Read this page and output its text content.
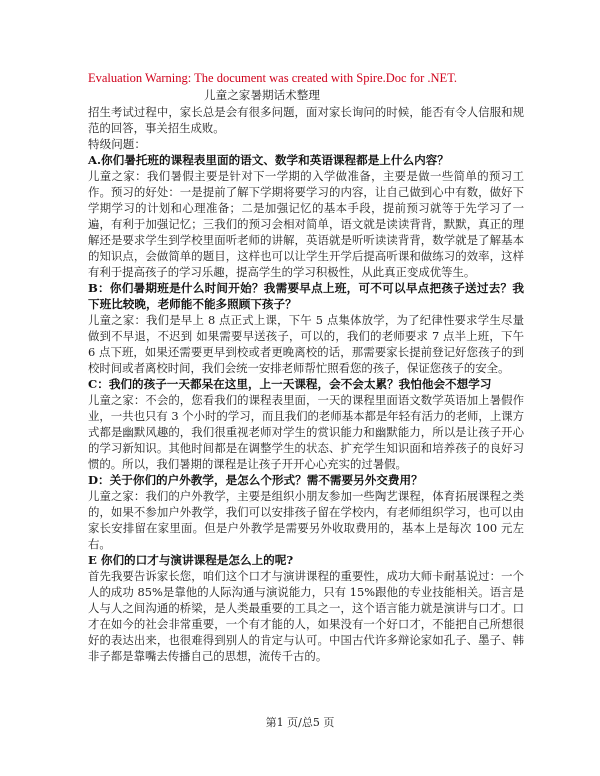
Evaluation Warning: The document was created with Spire.Doc for .NET.
儿童之家暑期话术整理

招生考试过程中，家长总是会有很多问题，面对家长询问的时候，能否有令人信服和规范的回答，事关招生成败。

特级问题：

A.你们暑托班的课程表里面的语文、数学和英语课程都是上什么内容？

儿童之家：我们暑假主要是针对下一学期的入学做准备，主要是做一些简单的预习工作。预习的好处：一是提前了解下学期将要学习的内容，让自己做到心中有数，做好下学期学习的计划和心理准备；二是加强记忆的基本手段，提前预习就等于先学习了一遍，有利于加强记忆；三我们的预习会相对简单，语文就是读读背背，默默，真正的理解还是要求学生到学校里面听老师的讲解，英语就是听听读读背背，数学就是了解基本的知识点，会做简单的题目，这样也可以让学生开学后提高听课和做练习的效率，这样有利于提高孩子的学习乐趣，提高学生的学习积极性，从此真正变成优等生。

B：你们暑期班是什么时间开始？我需要早点上班，可不可以早点把孩子送过去？我下班比较晚，老师能不能多照顾下孩子？

儿童之家：我们是早上 8 点正式上课，下午 5 点集体放学，为了纪律性要求学生尽量做到不早退，不迟到 如果需要早送孩子，可以的，我们的老师要求 7 点半上班，下午 6 点下班，如果还需要更早到校或者更晚离校的话，那需要家长提前登记好您孩子的到校时间或者离校时间，我们会统一安排老师帮忙照看您的孩子，保证您孩子的安全。

C：我们的孩子一天都呆在这里，上一天课程，会不会太累？我怕他会不想学习

儿童之家：不会的，您看我们的课程表里面，一天的课程里面语文数学英语加上暑假作业，一共也只有 3 个小时的学习，而且我们的老师基本都是年轻有活力的老师，上课方式都是幽默风趣的，我们很重视老师对学生的赏识能力和幽默能力，所以是让孩子开心的学习新知识。其他时间都是在调整学生的状态、扩充学生知识面和培养孩子的良好习惯的。所以，我们暑期的课程是让孩子开开心心充实的过暑假。

D：关于你们的户外教学，是怎么个形式？需不需要另外交费用？

儿童之家：我们的户外教学，主要是组织小朋友参加一些陶艺课程，体育拓展课程之类的，如果不参加户外教学，我们可以安排孩子留在学校内，有老师组织学习，也可以由家长安排留在家里面。但是户外教学是需要另外收取费用的，基本上是每次 100 元左右。

E 你们的口才与演讲课程是怎么上的呢?

首先我要告诉家长您，咱们这个口才与演讲课程的重要性，成功大师卡耐基说过：一个人的成功 85%是靠他的人际沟通与演说能力，只有 15%跟他的专业技能相关。语言是人与人之间沟通的桥梁，是人类最重要的工具之一，这个语言能力就是演讲与口才。口才在如今的社会非常重要，一个有才能的人，如果没有一个好口才，不能把自己所想很好的表达出来，也很难得到别人的肯定与认可。中国古代许多辩论家如孔子、墨子、韩非子都是靠嘴去传播自己的思想，流传千古的。

第1 页/总5 页
